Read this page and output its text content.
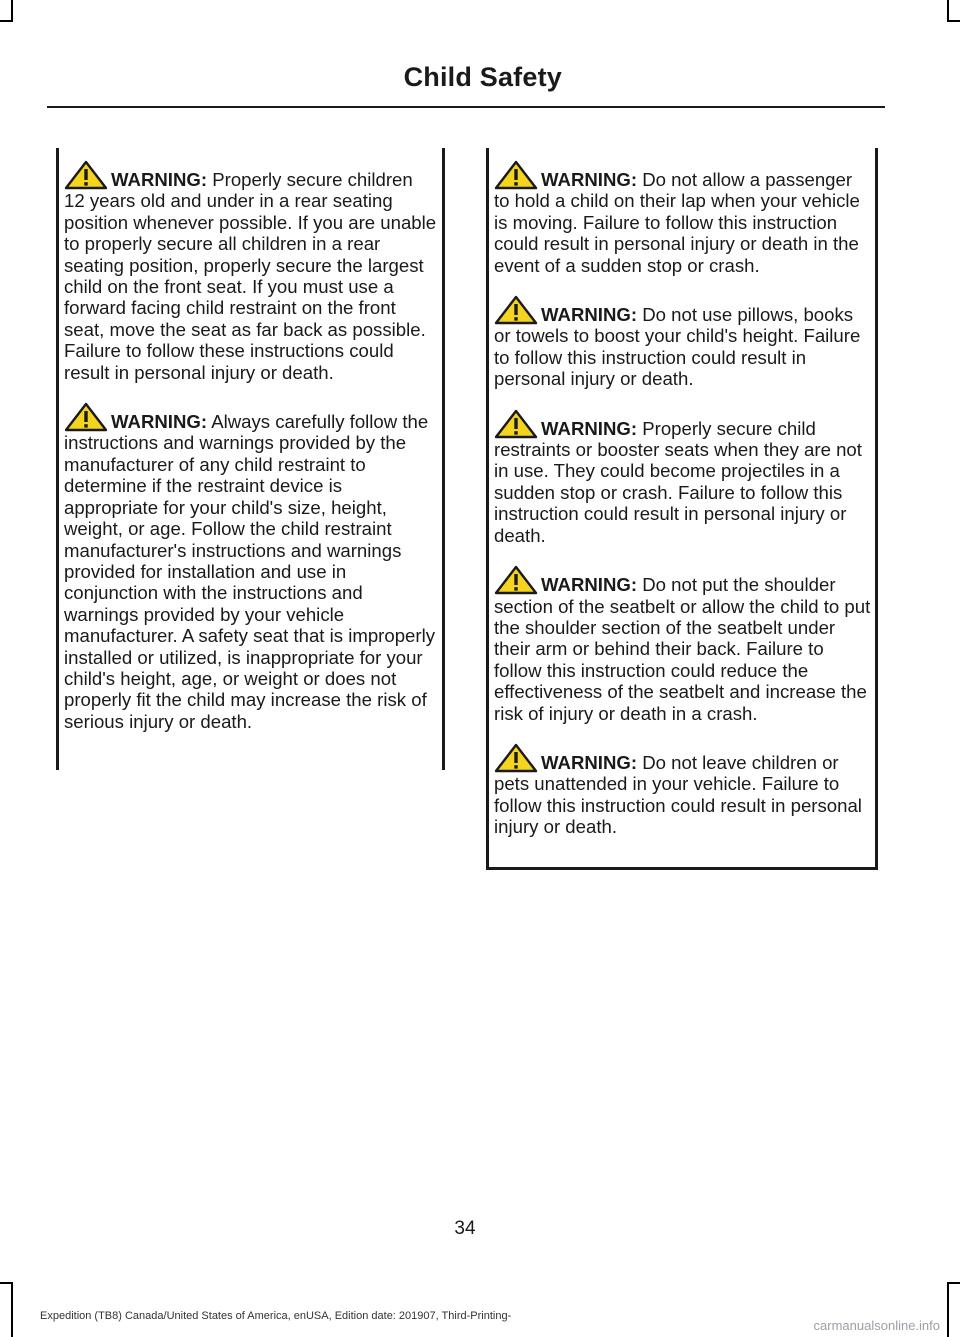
Child Safety

WARNING: Properly secure children 12 years old and under in a rear seating position whenever possible. If you are unable to properly secure all children in a rear seating position, properly secure the largest child on the front seat. If you must use a forward facing child restraint on the front seat, move the seat as far back as possible. Failure to follow these instructions could result in personal injury or death.

WARNING: Always carefully follow the instructions and warnings provided by the manufacturer of any child restraint to determine if the restraint device is appropriate for your child's size, height, weight, or age. Follow the child restraint manufacturer's instructions and warnings provided for installation and use in conjunction with the instructions and warnings provided by your vehicle manufacturer. A safety seat that is improperly installed or utilized, is inappropriate for your child's height, age, or weight or does not properly fit the child may increase the risk of serious injury or death.

WARNING: Do not allow a passenger to hold a child on their lap when your vehicle is moving. Failure to follow this instruction could result in personal injury or death in the event of a sudden stop or crash.

WARNING: Do not use pillows, books or towels to boost your child's height. Failure to follow this instruction could result in personal injury or death.

WARNING: Properly secure child restraints or booster seats when they are not in use. They could become projectiles in a sudden stop or crash. Failure to follow this instruction could result in personal injury or death.

WARNING: Do not put the shoulder section of the seatbelt or allow the child to put the shoulder section of the seatbelt under their arm or behind their back. Failure to follow this instruction could reduce the effectiveness of the seatbelt and increase the risk of injury or death in a crash.

WARNING: Do not leave children or pets unattended in your vehicle. Failure to follow this instruction could result in personal injury or death.

34
Expedition (TB8) Canada/United States of America, enUSA, Edition date: 201907, Third-Printing-
carmanualsonline.info
